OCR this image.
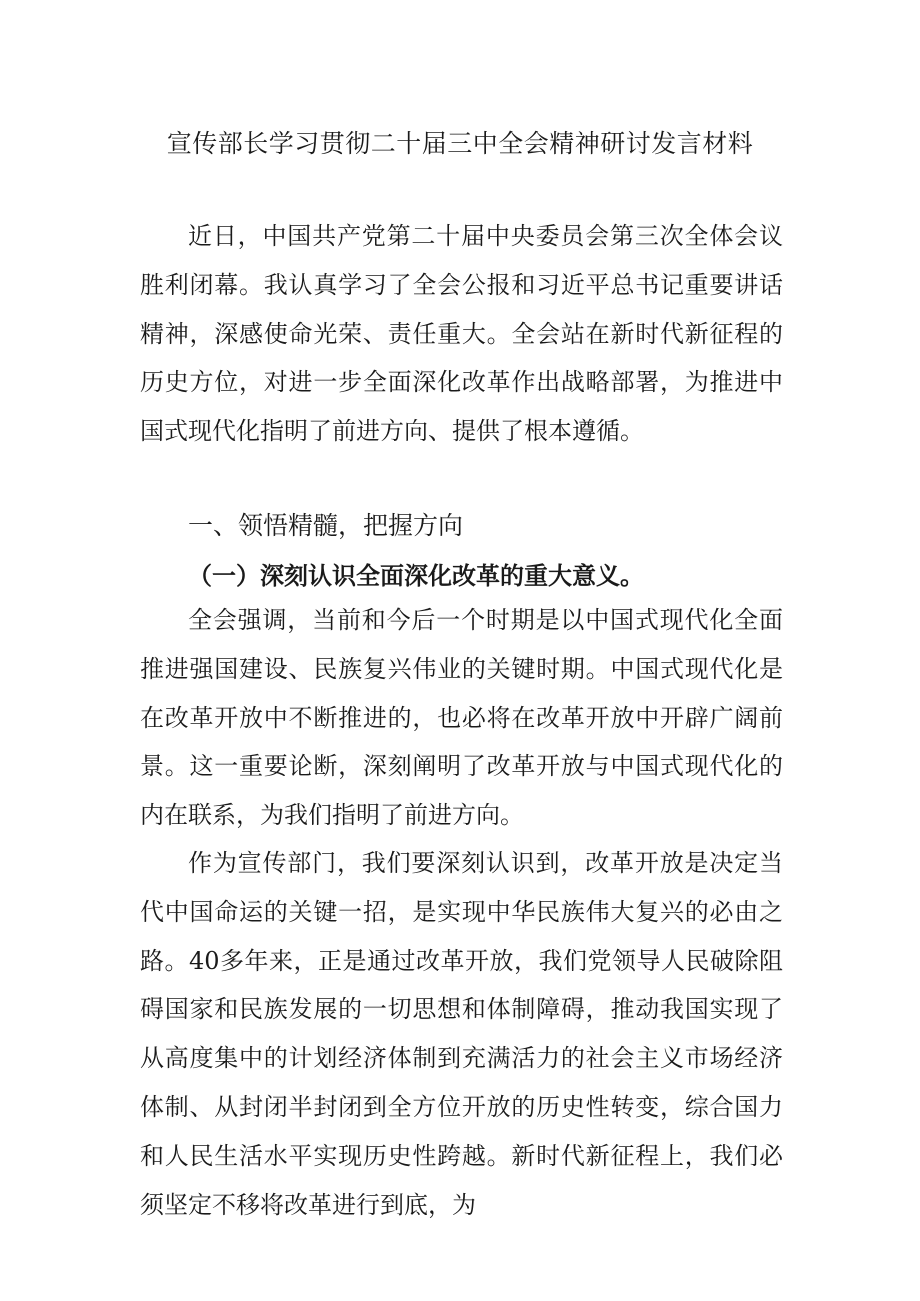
宣传部长学习贯彻二十届三中全会精神研讨发言材料

近日，中国共产党第二十届中央委员会第三次全体会议胜利闭幕。我认真学习了全会公报和习近平总书记重要讲话精神，深感使命光荣、责任重大。全会站在新时代新征程的历史方位，对进一步全面深化改革作出战略部署，为推进中国式现代化指明了前进方向、提供了根本遵循。

一、领悟精髓，把握方向
（一）深刻认识全面深化改革的重大意义。

全会强调，当前和今后一个时期是以中国式现代化全面推进强国建设、民族复兴伟业的关键时期。中国式现代化是在改革开放中不断推进的，也必将在改革开放中开辟广阔前景。这一重要论断，深刻阐明了改革开放与中国式现代化的内在联系，为我们指明了前进方向。

作为宣传部门，我们要深刻认识到，改革开放是决定当代中国命运的关键一招，是实现中华民族伟大复兴的必由之路。40多年来，正是通过改革开放，我们党领导人民破除阻碍国家和民族发展的一切思想和体制障碍，推动我国实现了从高度集中的计划经济体制到充满活力的社会主义市场经济体制、从封闭半封闭到全方位开放的历史性转变，综合国力和人民生活水平实现历史性跨越。新时代新征程上，我们必须坚定不移将改革进行到底，为
